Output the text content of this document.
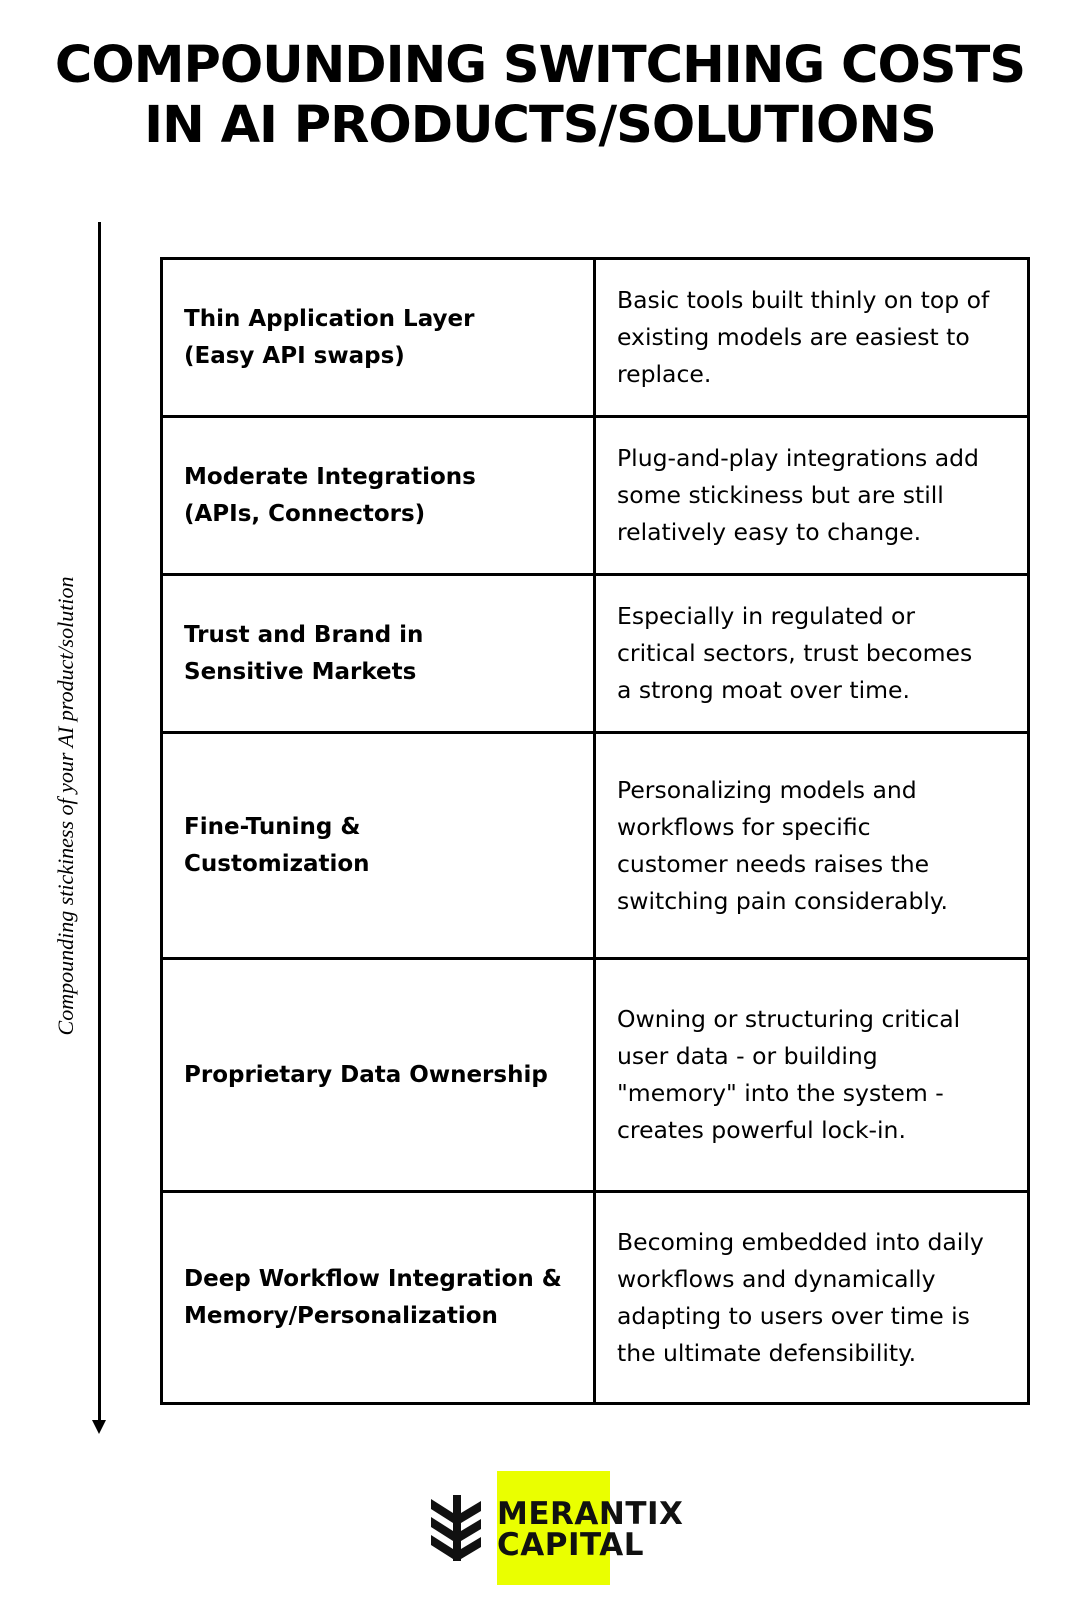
COMPOUNDING SWITCHING COSTS
IN AI PRODUCTS/SOLUTIONS
Compounding stickiness of your AI product/solution
Thin Application Layer
(Easy API swaps)
Basic tools built thinly on top of
existing models are easiest to
replace.
Moderate Integrations
(APIs, Connectors)
Plug-and-play integrations add
some stickiness but are still
relatively easy to change.
Trust and Brand in
Sensitive Markets
Especially in regulated or
critical sectors, trust becomes
a strong moat over time.
Fine-Tuning &
Customization
Personalizing models and
workflows for specific
customer needs raises the
switching pain considerably.
Proprietary Data Ownership
Owning or structuring critical
user data - or building
"memory" into the system -
creates powerful lock-in.
Deep Workflow Integration &
Memory/Personalization
Becoming embedded into daily
workflows and dynamically
adapting to users over time is
the ultimate defensibility.
MERANTIX
CAPITAL
